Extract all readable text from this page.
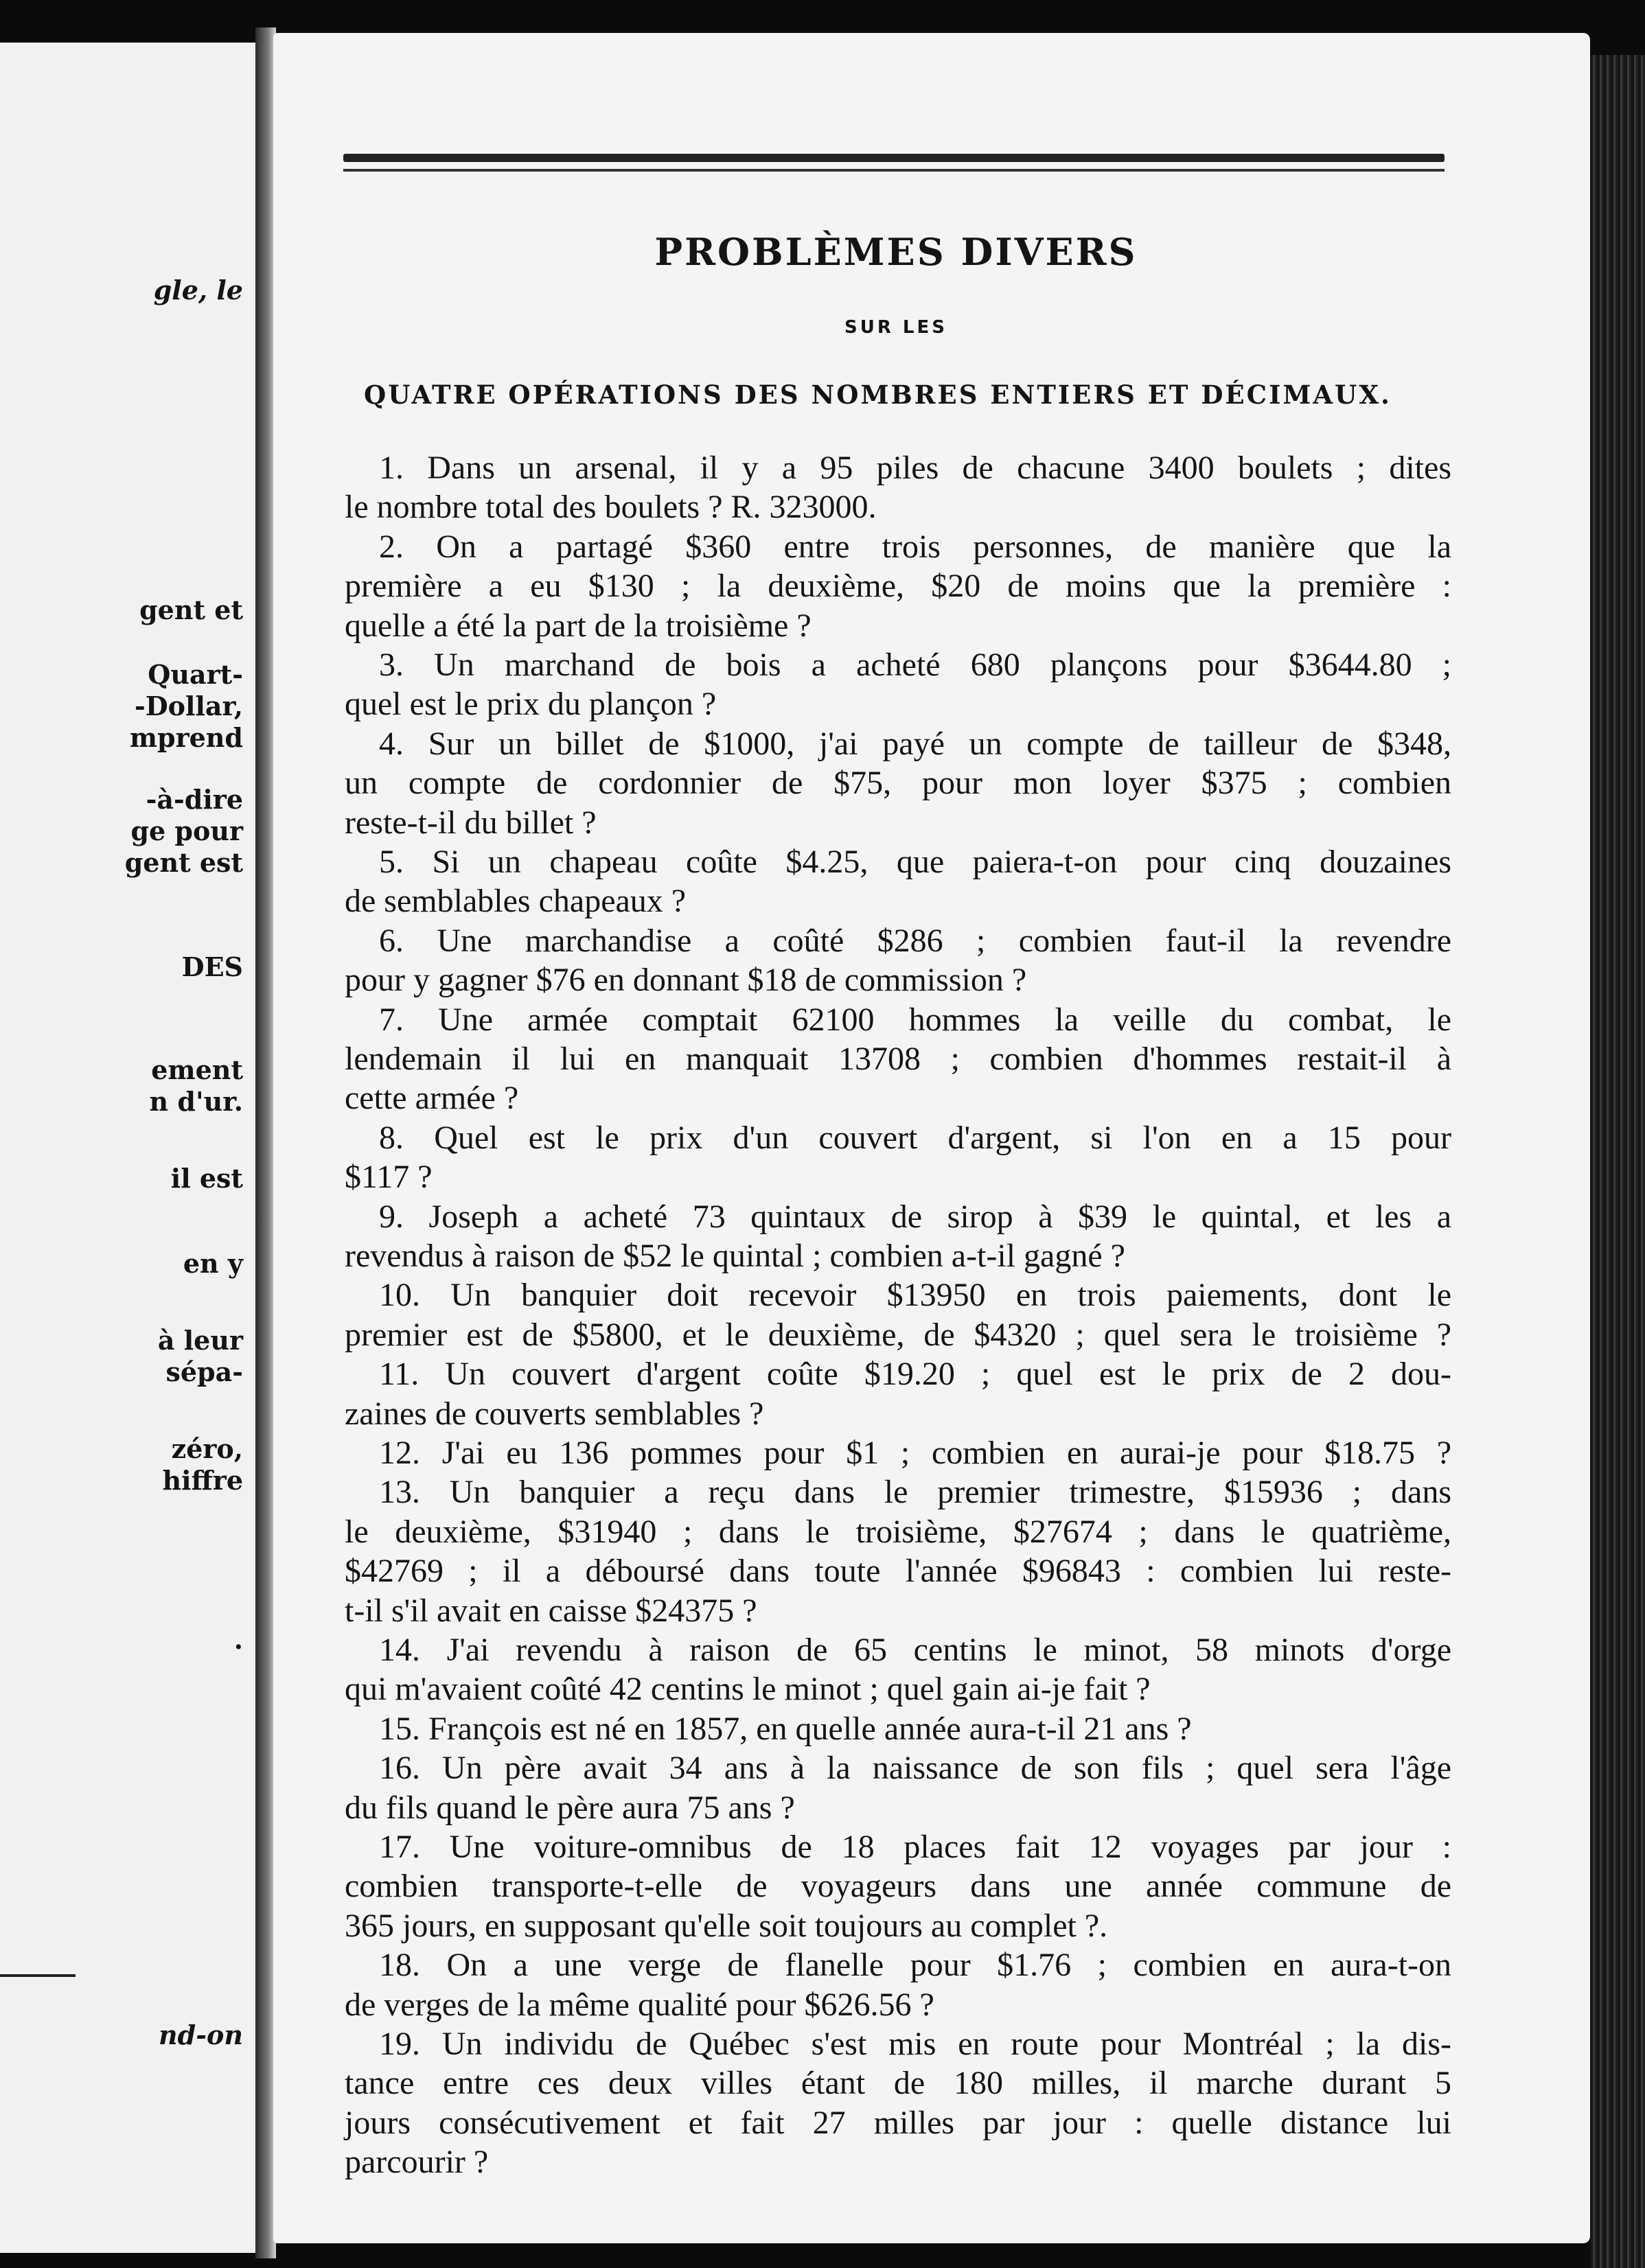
gle, le
gent et
Quart-
-Dollar,
mprend
-à-dire
ge pour
gent est
DES
ement
n d'ur.
il est
en y
à leur
sépa-
zéro,
hiffre
.
nd-on
PROBLÈMES DIVERS
SUR LES
QUATRE OPÉRATIONS DES NOMBRES ENTIERS ET DÉCIMAUX.
1. Dans un arsenal, il y a 95 piles de chacune 3400 boulets ; dites
le nombre total des boulets ? R. 323000.
2. On a partagé $360 entre trois personnes, de manière que la
première a eu $130 ; la deuxième, $20 de moins que la première :
quelle a été la part de la troisième ?
3. Un marchand de bois a acheté 680 plançons pour $3644.80 ;
quel est le prix du plançon ?
4. Sur un billet de $1000, j'ai payé un compte de tailleur de $348,
un compte de cordonnier de $75, pour mon loyer $375 ; combien
reste-t-il du billet ?
5. Si un chapeau coûte $4.25, que paiera-t-on pour cinq douzaines
de semblables chapeaux ?
6. Une marchandise a coûté $286 ; combien faut-il la revendre
pour y gagner $76 en donnant $18 de commission ?
7. Une armée comptait 62100 hommes la veille du combat, le
lendemain il lui en manquait 13708 ; combien d'hommes restait-il à
cette armée ?
8. Quel est le prix d'un couvert d'argent, si l'on en a 15 pour
$117 ?
9. Joseph a acheté 73 quintaux de sirop à $39 le quintal, et les a
revendus à raison de $52 le quintal ; combien a-t-il gagné ?
10. Un banquier doit recevoir $13950 en trois paiements, dont le
premier est de $5800, et le deuxième, de $4320 ; quel sera le troisième ?
11. Un couvert d'argent coûte $19.20 ; quel est le prix de 2 dou-
zaines de couverts semblables ?
12. J'ai eu 136 pommes pour $1 ; combien en aurai-je pour $18.75 ?
13. Un banquier a reçu dans le premier trimestre, $15936 ; dans
le deuxième, $31940 ; dans le troisième, $27674 ; dans le quatrième,
$42769 ; il a déboursé dans toute l'année $96843 : combien lui reste-
t-il s'il avait en caisse $24375 ?
14. J'ai revendu à raison de 65 centins le minot, 58 minots d'orge
qui m'avaient coûté 42 centins le minot ; quel gain ai-je fait ?
15. François est né en 1857, en quelle année aura-t-il 21 ans ?
16. Un père avait 34 ans à la naissance de son fils ; quel sera l'âge
du fils quand le père aura 75 ans ?
17. Une voiture-omnibus de 18 places fait 12 voyages par jour :
combien transporte-t-elle de voyageurs dans une année commune de
365 jours, en supposant qu'elle soit toujours au complet ?.
18. On a une verge de flanelle pour $1.76 ; combien en aura-t-on
de verges de la même qualité pour $626.56 ?
19. Un individu de Québec s'est mis en route pour Montréal ; la dis-
tance entre ces deux villes étant de 180 milles, il marche durant 5
jours consécutivement et fait 27 milles par jour : quelle distance lui
parcourir ?
